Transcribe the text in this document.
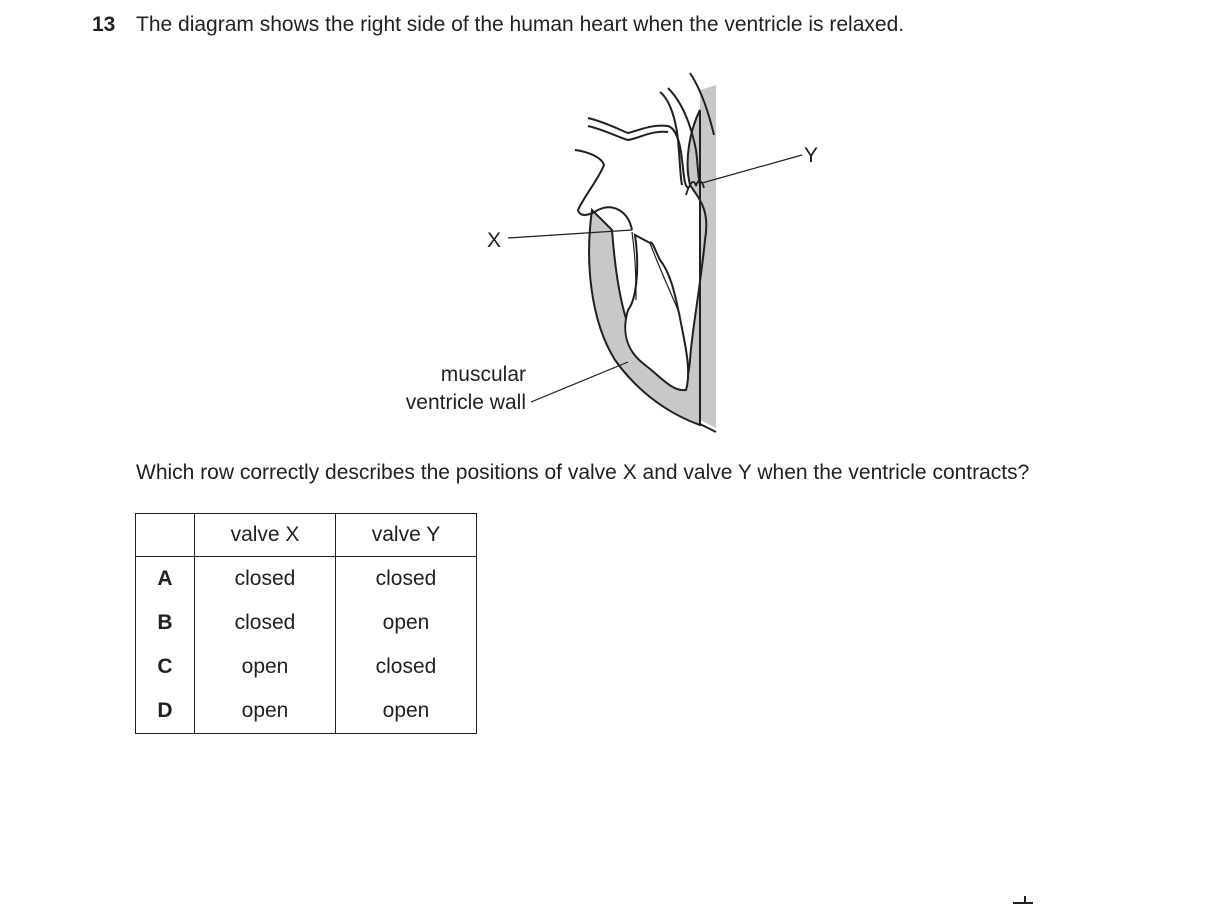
13 The diagram shows the right side of the human heart when the ventricle is relaxed.
X
Y
muscular
ventricle wall
Which row correctly describes the positions of valve X and valve Y when the ventricle contracts?
	valve X	valve Y
A	closed	closed
B	closed	open
C	open	closed
D	open	open
